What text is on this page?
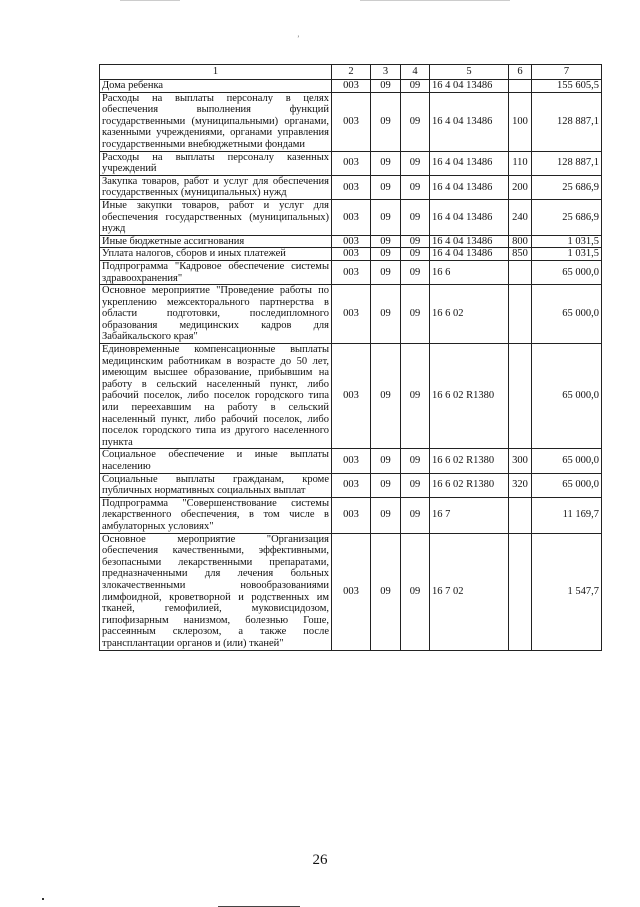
’
1	2	3	4	5	6	7
Дома ребенка	003	09	09	16 4 04 13486		155 605,5
Расходы на выплаты персоналу в целях обеспечения выполнения функций государственными (муниципальными) органами, казенными учреждениями, органами управления государственными внебюджетными фондами	003	09	09	16 4 04 13486	100	128 887,1
Расходы на выплаты персоналу казенных учреждений	003	09	09	16 4 04 13486	110	128 887,1
Закупка товаров, работ и услуг для обеспечения государственных (муниципальных) нужд	003	09	09	16 4 04 13486	200	25 686,9
Иные закупки товаров, работ и услуг для обеспечения государственных (муниципальных) нужд	003	09	09	16 4 04 13486	240	25 686,9
Иные бюджетные ассигнования	003	09	09	16 4 04 13486	800	1 031,5
Уплата налогов, сборов и иных платежей	003	09	09	16 4 04 13486	850	1 031,5
Подпрограмма "Кадровое обеспечение системы здравоохранения"	003	09	09	16 6		65 000,0
Основное мероприятие "Проведение работы по укреплению межсекторального партнерства в области подготовки, последипломного образования медицинских кадров для Забайкальского края"	003	09	09	16 6 02		65 000,0
Единовременные компенсационные выплаты медицинским работникам в возрасте до 50 лет, имеющим высшее образование, прибывшим на работу в сельский населенный пункт, либо рабочий поселок, либо поселок городского типа или переехавшим на работу в сельский населенный пункт, либо рабочий поселок, либо поселок городского типа из другого населенного пункта	003	09	09	16 6 02 R1380		65 000,0
Социальное обеспечение и иные выплаты населению	003	09	09	16 6 02 R1380	300	65 000,0
Социальные выплаты гражданам, кроме публичных нормативных социальных выплат	003	09	09	16 6 02 R1380	320	65 000,0
Подпрограмма "Совершенствование системы лекарственного обеспечения, в том числе в амбулаторных условиях"	003	09	09	16 7		11 169,7
Основное мероприятие "Организация обеспечения качественными, эффективными, безопасными лекарственными препаратами, предназначенными для лечения больных злокачественными новообразованиями лимфоидной, кроветворной и родственных им тканей, гемофилией, муковисцидозом, гипофизарным нанизмом, болезнью Гоше, рассеянным склерозом, а также после трансплантации органов и (или) тканей"	003	09	09	16 7 02		1 547,7
26
